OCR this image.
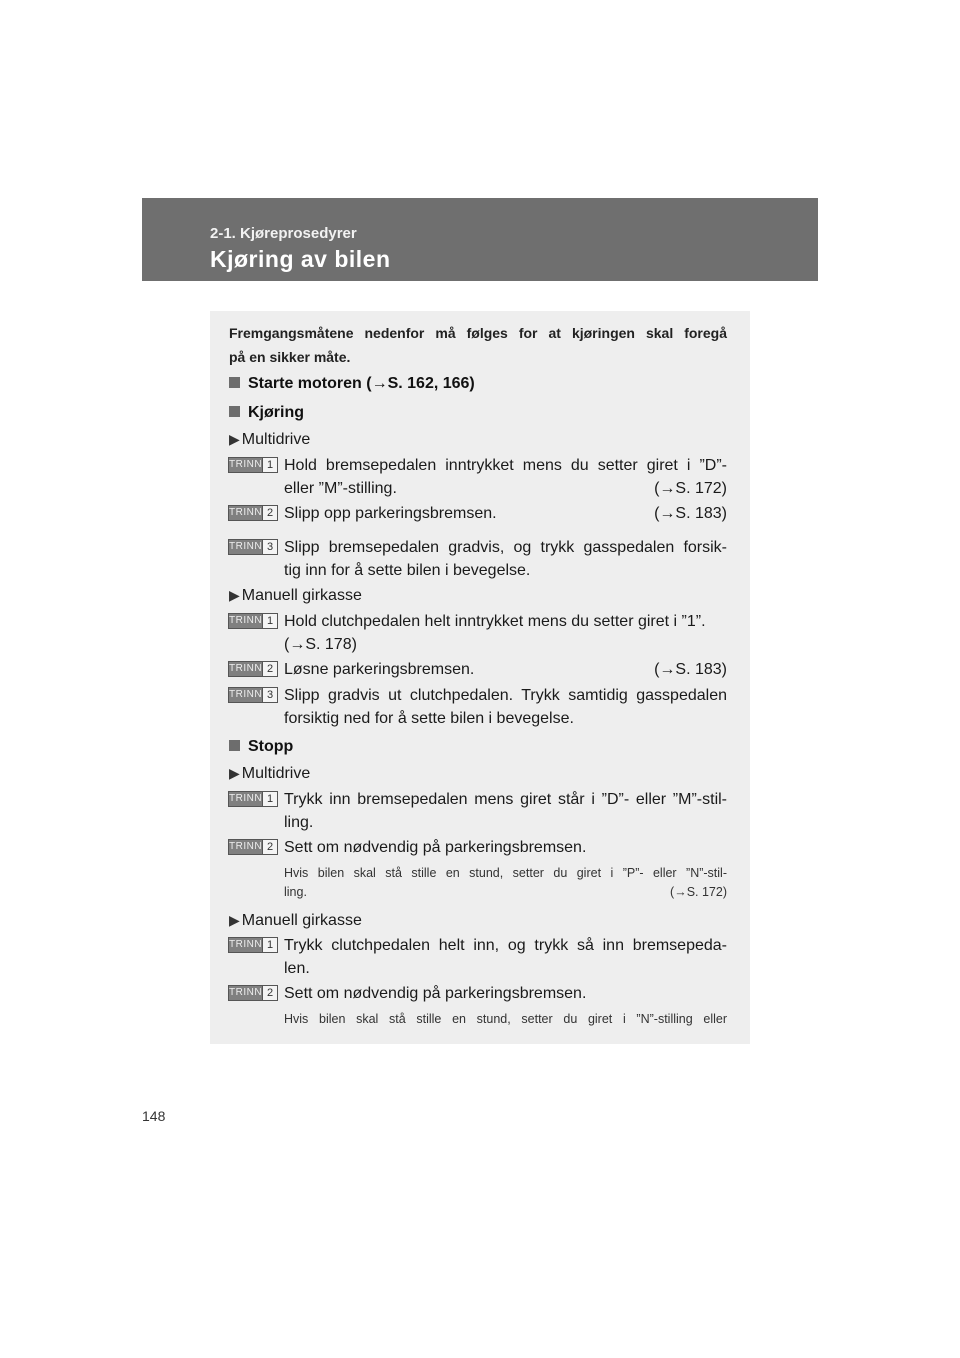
2-1. Kjøreprosedyrer
Kjøring av bilen
Fremgangsmåtene nedenfor må følges for at kjøringen skal foregå
på en sikker måte.
Starte motoren (→S. 162, 166)
Kjøring
▶ Multidrive
TRINN 1 Hold bremsepedalen inntrykket mens du setter giret i ”D”-
eller ”M”-stilling.	(→S. 172)
TRINN 2 Slipp opp parkeringsbremsen.	(→S. 183)
TRINN 3 Slipp bremsepedalen gradvis, og trykk gasspedalen forsik-
tig inn for å sette bilen i bevegelse.
▶ Manuell girkasse
TRINN 1 Hold clutchpedalen helt inntrykket mens du setter giret i ”1”.
(→S. 178)
TRINN 2 Løsne parkeringsbremsen.	(→S. 183)
TRINN 3 Slipp gradvis ut clutchpedalen. Trykk samtidig gasspedalen
forsiktig ned for å sette bilen i bevegelse.
Stopp
▶ Multidrive
TRINN 1 Trykk inn bremsepedalen mens giret står i ”D”- eller ”M”-stil-
ling.
TRINN 2 Sett om nødvendig på parkeringsbremsen.
Hvis bilen skal stå stille en stund, setter du giret i ”P”- eller ”N”-stil-
ling.	(→S. 172)
▶ Manuell girkasse
TRINN 1 Trykk clutchpedalen helt inn, og trykk så inn bremsepeda-
len.
TRINN 2 Sett om nødvendig på parkeringsbremsen.
Hvis bilen skal stå stille en stund, setter du giret i ”N”-stilling eller
148
